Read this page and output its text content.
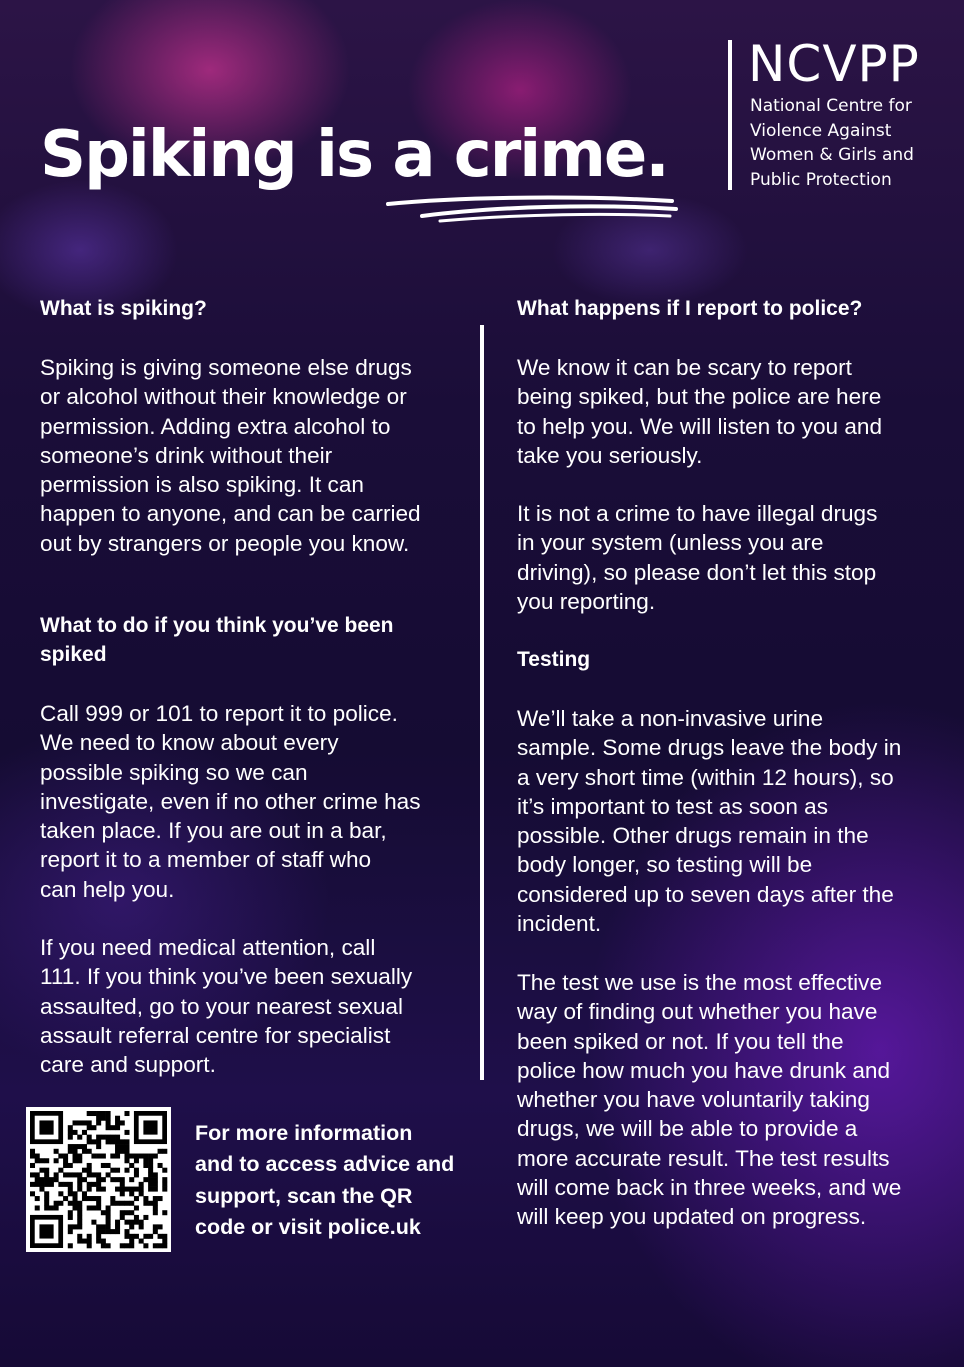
Spiking is a crime.
NCVPP
National Centre for
Violence Against
Women & Girls and
Public Protection
What is spiking?

Spiking is giving someone else drugs
or alcohol without their knowledge or
permission. Adding extra alcohol to
someone’s drink without their
permission is also spiking. It can
happen to anyone, and can be carried
out by strangers or people you know.

What to do if you think you’ve been
spiked

Call 999 or 101 to report it to police.
We need to know about every
possible spiking so we can
investigate, even if no other crime has
taken place. If you are out in a bar,
report it to a member of staff who
can help you.

If you need medical attention, call
111. If you think you’ve been sexually
assaulted, go to your nearest sexual
assault referral centre for specialist
care and support.

What happens if I report to police?

We know it can be scary to report
being spiked, but the police are here
to help you. We will listen to you and
take you seriously.

It is not a crime to have illegal drugs
in your system (unless you are
driving), so please don’t let this stop
you reporting.

Testing

We’ll take a non-invasive urine
sample. Some drugs leave the body in
a very short time (within 12 hours), so
it’s important to test as soon as
possible. Other drugs remain in the
body longer, so testing will be
considered up to seven days after the
incident.

The test we use is the most effective
way of finding out whether you have
been spiked or not. If you tell the
police how much you have drunk and
whether you have voluntarily taking
drugs, we will be able to provide a
more accurate result. The test results
will come back in three weeks, and we
will keep you updated on progress.

For more information
and to access advice and
support, scan the QR
code or visit police.uk
